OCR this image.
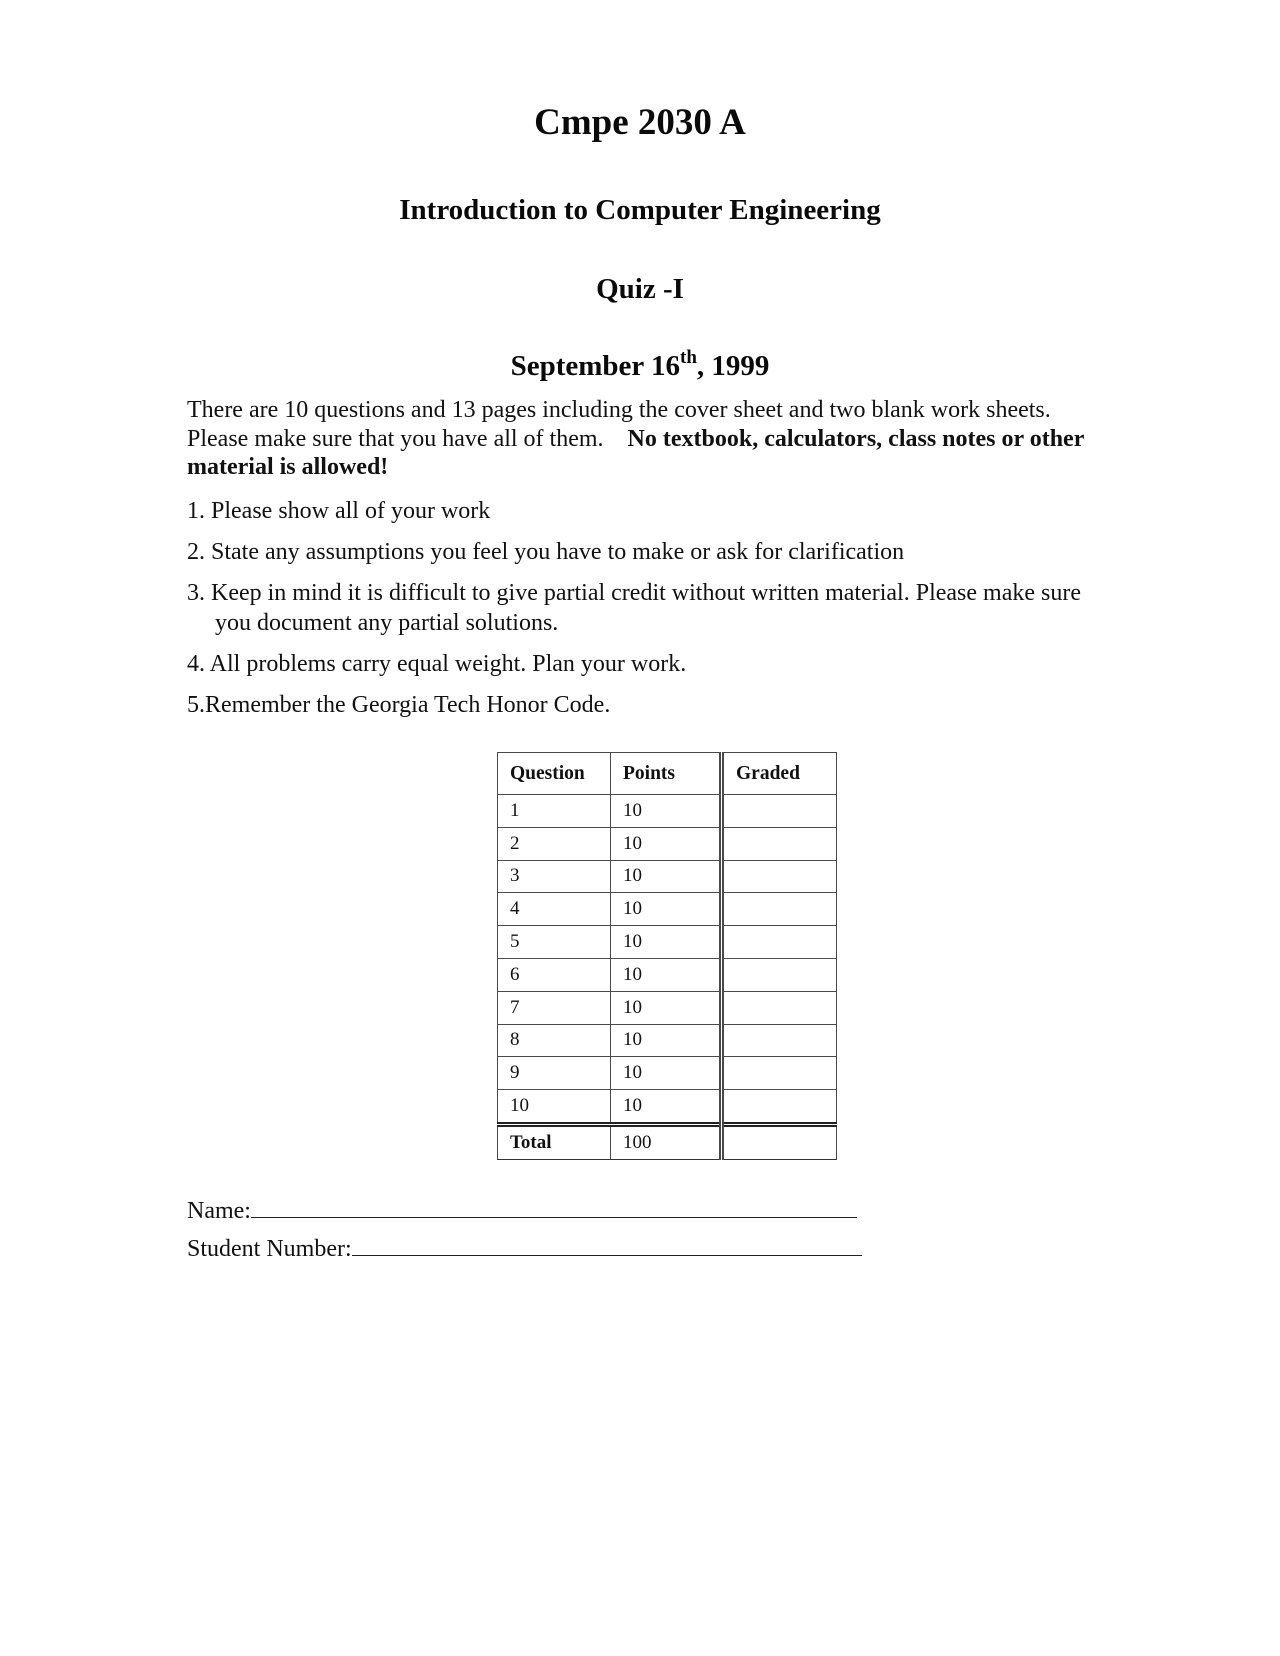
Cmpe 2030 A
Introduction to Computer Engineering
Quiz -I
September 16th, 1999
There are 10 questions and 13 pages including the cover sheet and two blank work sheets. Please make sure that you have all of them. No textbook, calculators, class notes or other material is allowed!
1. Please show all of your work
2. State any assumptions you feel you have to make or ask for clarification
3. Keep in mind it is difficult to give partial credit without written material. Please make sure you document any partial solutions.
4. All problems carry equal weight. Plan your work.
5.Remember the Georgia Tech Honor Code.
Question	Points	Graded
1	10	
2	10	
3	10	
4	10	
5	10	
6	10	
7	10	
8	10	
9	10	
10	10	
Total	100	
Name:
Student Number:
